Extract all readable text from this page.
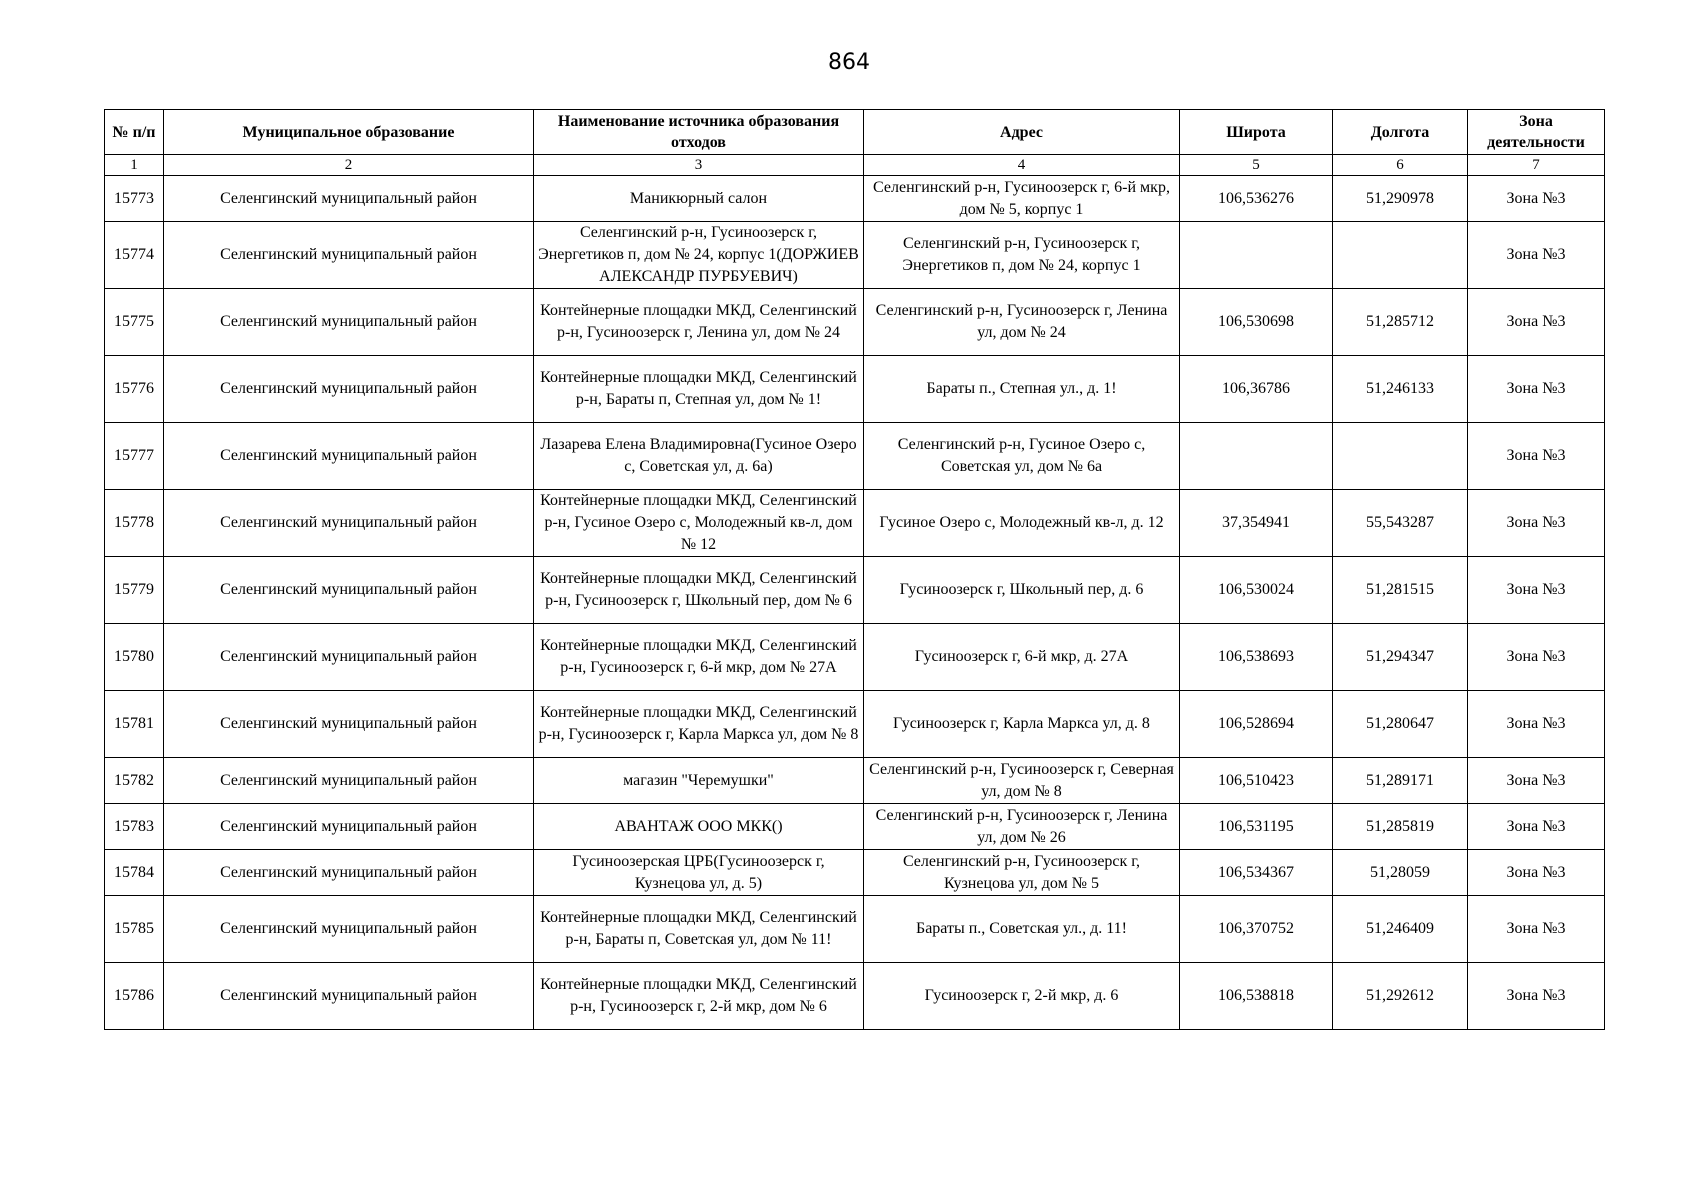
864
№ п/п	Муниципальное образование	Наименование источника образования отходов	Адрес	Широта	Долгота	Зона деятельности
1	2	3	4	5	6	7
15773	Селенгинский муниципальный район	Маникюрный салон	Селенгинский р-н, Гусиноозерск г, 6-й мкр, дом № 5, корпус 1	106,536276	51,290978	Зона №3
15774	Селенгинский муниципальный район	Селенгинский р-н, Гусиноозерск г, Энергетиков п, дом № 24, корпус 1(ДОРЖИЕВ АЛЕКСАНДР ПУРБУЕВИЧ)	Селенгинский р-н, Гусиноозерск г, Энергетиков п, дом № 24, корпус 1			Зона №3
15775	Селенгинский муниципальный район	Контейнерные площадки МКД, Селенгинский р-н, Гусиноозерск г, Ленина ул, дом № 24	Селенгинский р-н, Гусиноозерск г, Ленина ул, дом № 24	106,530698	51,285712	Зона №3
15776	Селенгинский муниципальный район	Контейнерные площадки МКД, Селенгинский р-н, Бараты п, Степная ул, дом № 1!	Бараты п., Степная ул., д. 1!	106,36786	51,246133	Зона №3
15777	Селенгинский муниципальный район	Лазарева Елена Владимировна(Гусиное Озеро с, Советская ул, д. 6а)	Селенгинский р-н, Гусиное Озеро с, Советская ул, дом № 6а			Зона №3
15778	Селенгинский муниципальный район	Контейнерные площадки МКД, Селенгинский р-н, Гусиное Озеро с, Молодежный кв-л, дом № 12	Гусиное Озеро с, Молодежный кв-л, д. 12	37,354941	55,543287	Зона №3
15779	Селенгинский муниципальный район	Контейнерные площадки МКД, Селенгинский р-н, Гусиноозерск г, Школьный пер, дом № 6	Гусиноозерск г, Школьный пер, д. 6	106,530024	51,281515	Зона №3
15780	Селенгинский муниципальный район	Контейнерные площадки МКД, Селенгинский р-н, Гусиноозерск г, 6-й мкр, дом № 27А	Гусиноозерск г, 6-й мкр, д. 27А	106,538693	51,294347	Зона №3
15781	Селенгинский муниципальный район	Контейнерные площадки МКД, Селенгинский р-н, Гусиноозерск г, Карла Маркса ул, дом № 8	Гусиноозерск г, Карла Маркса ул, д. 8	106,528694	51,280647	Зона №3
15782	Селенгинский муниципальный район	магазин "Черемушки"	Селенгинский р-н, Гусиноозерск г, Северная ул, дом № 8	106,510423	51,289171	Зона №3
15783	Селенгинский муниципальный район	АВАНТАЖ ООО МКК()	Селенгинский р-н, Гусиноозерск г, Ленина ул, дом № 26	106,531195	51,285819	Зона №3
15784	Селенгинский муниципальный район	Гусиноозерская ЦРБ(Гусиноозерск г, Кузнецова ул, д. 5)	Селенгинский р-н, Гусиноозерск г, Кузнецова ул, дом № 5	106,534367	51,28059	Зона №3
15785	Селенгинский муниципальный район	Контейнерные площадки МКД, Селенгинский р-н, Бараты п, Советская ул, дом № 11!	Бараты п., Советская ул., д. 11!	106,370752	51,246409	Зона №3
15786	Селенгинский муниципальный район	Контейнерные площадки МКД, Селенгинский р-н, Гусиноозерск г, 2-й мкр, дом № 6	Гусиноозерск г, 2-й мкр, д. 6	106,538818	51,292612	Зона №3
